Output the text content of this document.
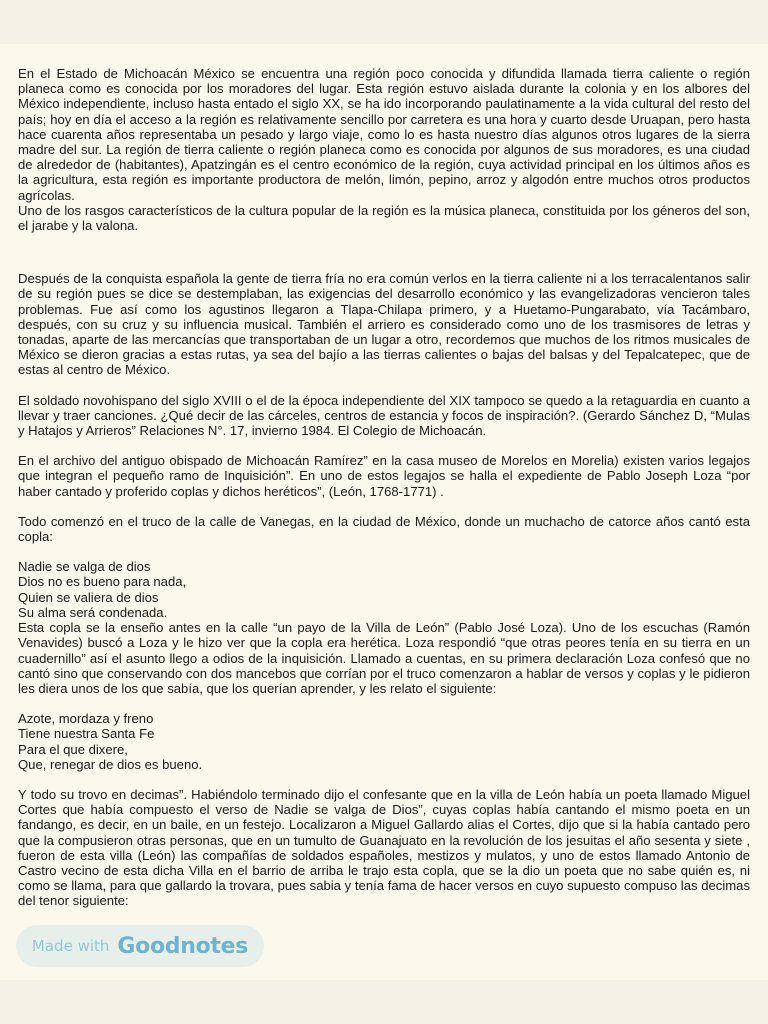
En el Estado de Michoacán México se encuentra una región poco conocida y difundida llamada tierra caliente o región planeca como es conocida por los moradores del lugar. Esta región estuvo aislada durante la colonia y en los albores del México independiente, incluso hasta entado el siglo XX, se ha ido incorporando paulatinamente a la vida cultural del resto del país; hoy en día el acceso a la región es relativamente sencillo por carretera es una hora y cuarto desde Uruapan, pero hasta hace cuarenta años representaba un pesado y largo viaje, como lo es hasta nuestro días algunos otros lugares de la sierra madre del sur. La región de tierra caliente o región planeca como es conocida por algunos de sus moradores, es una ciudad de alrededor de (habitantes), Apatzingán es el centro económico de la región, cuya actividad principal en los últimos años es la agricultura, esta región es importante productora de melón, limón, pepino, arroz y algodón entre muchos otros productos agrícolas.

Uno de los rasgos característicos de la cultura popular de la región es la música planeca, constituida por los géneros del son, el jarabe y la valona.

Después de la conquista española la gente de tierra fría no era común verlos en la tierra caliente ni a los terracalentanos salir de su región pues se dice se destemplaban, las exigencias del desarrollo económico y las evangelizadoras vencieron tales problemas. Fue así como los agustinos llegaron a Tlapa-Chilapa primero, y a Huetamo-Pungarabato, vía Tacámbaro, después, con su cruz y su influencia musical. También el arriero es considerado como uno de los trasmisores de letras y tonadas, aparte de las mercancías que transportaban de un lugar a otro, recordemos que muchos de los ritmos musicales de México se dieron gracias a estas rutas, ya sea del bajío a las tierras calientes o bajas del balsas y del Tepalcatepec, que de estas al centro de México.

El soldado novohispano del siglo XVIII o el de la época independiente del XIX tampoco se quedo a la retaguardia en cuanto a llevar y traer canciones. ¿Qué decir de las cárceles, centros de estancia y focos de inspiración?. (Gerardo Sánchez D, “Mulas y Hatajos y Arrieros” Relaciones N°. 17, invierno 1984. El Colegio de Michoacán.

En el archivo del antiguo obispado de Michoacán Ramírez” en la casa museo de Morelos en Morelia) existen varios legajos que integran el pequeño ramo de Inquisición”. En uno de estos legajos se halla el expediente de Pablo Joseph Loza “por haber cantado y proferido coplas y dichos heréticos”, (León, 1768-1771) .

Todo comenzó en el truco de la calle de Vanegas, en la ciudad de México, donde un muchacho de catorce años cantó esta copla:

Nadie se valga de dios
Dios no es bueno para nada,
Quien se valiera de dios
Su alma será condenada.

Esta copla se la enseño antes en la calle “un payo de la Villa de León” (Pablo José Loza). Uno de los escuchas (Ramón Venavides) buscó a Loza y le hizo ver que la copla era herética. Loza respondió “que otras peores tenía en su tierra en un cuadernillo” así el asunto llego a odios de la inquisición. Llamado a cuentas, en su primera declaración Loza confesó que no cantó sino que conservando con dos mancebos que corrían por el truco comenzaron a hablar de versos y coplas y le pidieron les diera unos de los que sabía, que los querían aprender, y les relato el siguiente:

Azote, mordaza y freno
Tiene nuestra Santa Fe
Para el que dixere,
Que, renegar de dios es bueno.

Y todo su trovo en decimas”. Habiéndolo terminado dijo el confesante que en la villa de León había un poeta llamado Miguel Cortes que había compuesto el verso de Nadie se valga de Dios”, cuyas coplas había cantando el mismo poeta en un fandango, es decir, en un baile, en un festejo. Localizaron a Miguel Gallardo alias el Cortes, dijo que si la había cantado pero que la compusieron otras personas, que en un tumulto de Guanajuato en la revolución de los jesuitas el año sesenta y siete , fueron de esta villa (León) las compañías de soldados españoles, mestizos y mulatos, y uno de estos llamado Antonio de Castro vecino de esta dicha Villa en el barrio de arriba le trajo esta copla, que se la dio un poeta que no sabe quién es, ni como se llama, para que gallardo la trovara, pues sabia y tenía fama de hacer versos en cuyo supuesto compuso las decimas del tenor siguiente:

Made with Goodnotes
